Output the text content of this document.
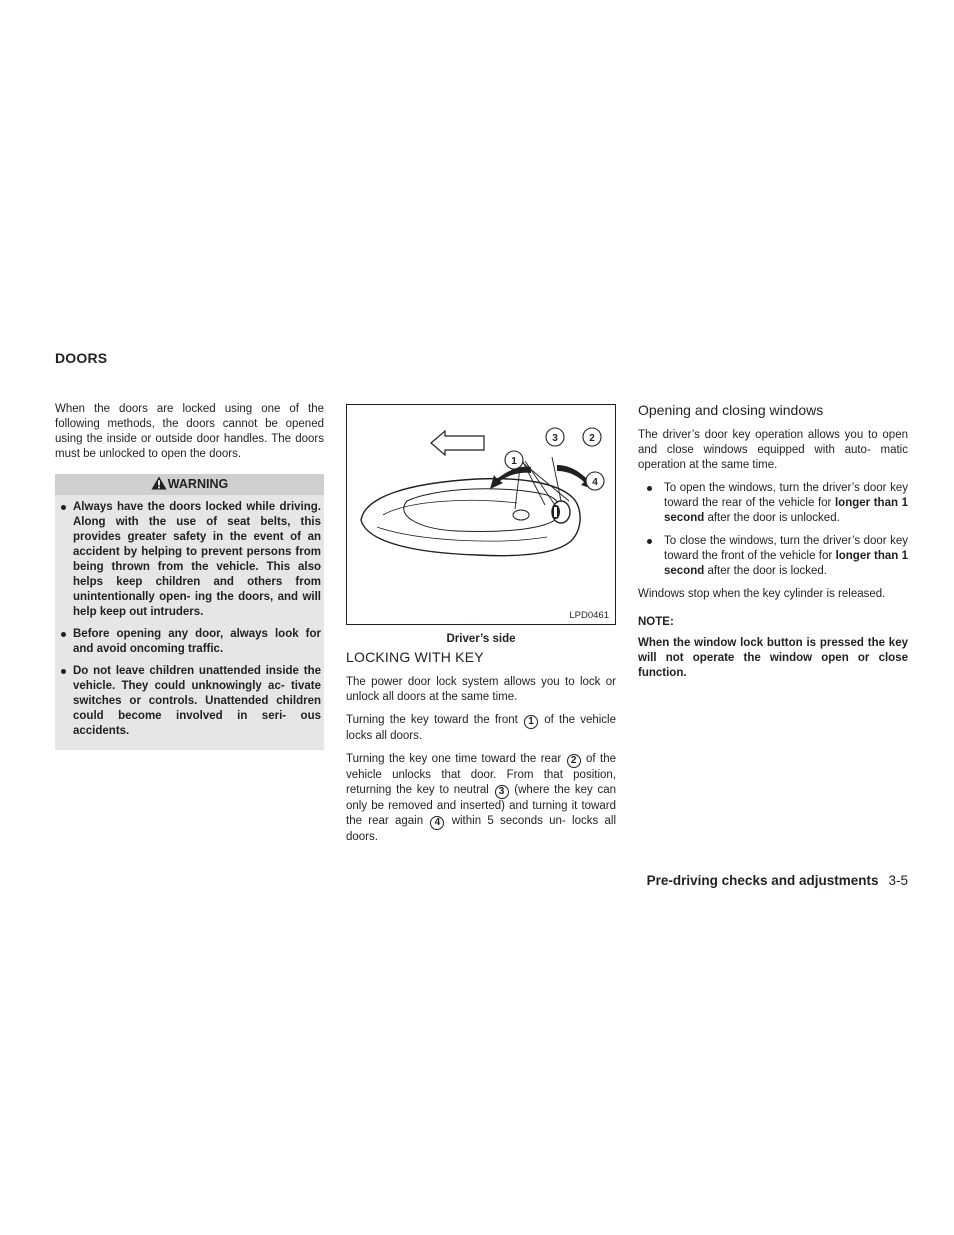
DOORS

When the doors are locked using one of the following methods, the doors cannot be opened using the inside or outside door handles. The doors must be unlocked to open the doors.

WARNING
Always have the doors locked while driving. Along with the use of seat belts, this provides greater safety in the event of an accident by helping to prevent persons from being thrown from the vehicle. This also helps keep children and others from unintentionally open- ing the doors, and will help keep out intruders.
Before opening any door, always look for and avoid oncoming traffic.
Do not leave children unattended inside the vehicle. They could unknowingly ac- tivate switches or controls. Unattended children could become involved in seri- ous accidents.
1
3	2
4
LPD0461
Driver’s side
LOCKING WITH KEY

The power door lock system allows you to lock or unlock all doors at the same time.

Turning the key toward the front 1 of the vehicle locks all doors.

Turning the key one time toward the rear 2 of the vehicle unlocks that door. From that position, returning the key to neutral 3 (where the key can only be removed and inserted) and turning it toward the rear again 4 within 5 seconds un- locks all doors.

Opening and closing windows

The driver’s door key operation allows you to open and close windows equipped with auto- matic operation at the same time.

To open the windows, turn the driver’s door key toward the rear of the vehicle for longer than 1 second after the door is unlocked.
To close the windows, turn the driver’s door key toward the front of the vehicle for longer than 1 second after the door is locked.

Windows stop when the key cylinder is released.

NOTE:

When the window lock button is pressed the key will not operate the window open or close function.

Pre-driving checks and adjustments 3-5
